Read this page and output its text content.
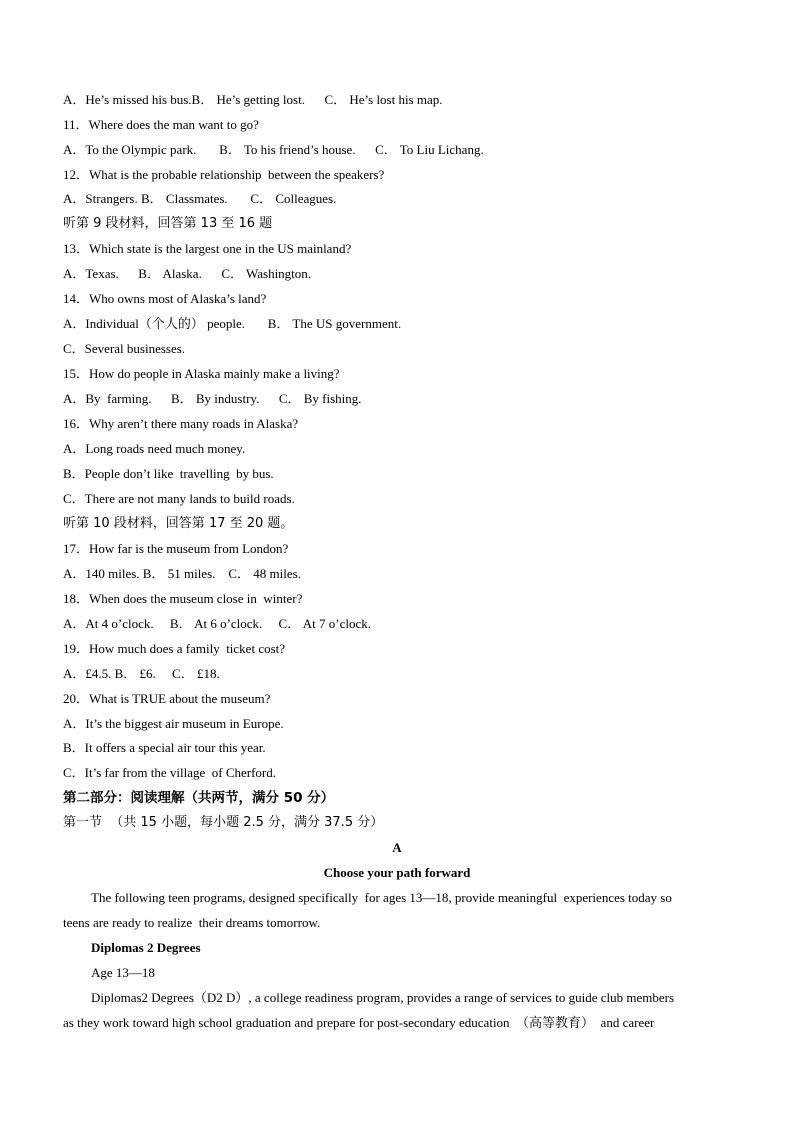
A．He’s missed his bus.B． He’s getting lost.      C． He’s lost his map.
11．Where does the man want to go?
A．To the Olympic park.       B． To his friend’s house.      C． To Liu Lichang.
12．What is the probable relationship  between the speakers?
A．Strangers. B． Classmates.       C． Colleagues.
听第 9 段材料，回答第 13 至 16 题
13．Which state is the largest one in the US mainland?
A．Texas.      B． Alaska.      C． Washington.
14．Who owns most of Alaska’s land?
A．Individual（个人的） people.       B． The US government.
C．Several businesses.
15．How do people in Alaska mainly make a living?
A．By  farming.      B． By industry.      C． By fishing.
16．Why aren’t there many roads in Alaska?
A．Long roads need much money.
B．People don’t like  travelling  by bus.
C．There are not many lands to build roads.
听第 10 段材料，回答第 17 至 20 题。
17．How far is the museum from London?
A．140 miles. B． 51 miles.    C． 48 miles.
18．When does the museum close in  winter?
A．At 4 o’clock.     B． At 6 o’clock.     C． At 7 o’clock.
19．How much does a family  ticket cost?
A．£4.5. B． £6.     C． £18.
20．What is TRUE about the museum?
A．It’s the biggest air museum in Europe.
B．It offers a special air tour this year.
C．It’s far from the village  of Cherford.
第二部分：阅读理解（共两节，满分 50 分）
第一节  （共 15 小题，每小题 2.5 分，满分 37.5 分）
A
Choose your path forward
The following teen programs, designed specifically  for ages 13—18, provide meaningful  experiences today so
teens are ready to realize  their dreams tomorrow.
Diplomas 2 Degrees
Age 13—18
Diplomas2 Degrees（D2 D）, a college readiness program, provides a range of services to guide club members
as they work toward high school graduation and prepare for post-secondary education  （高等教育）  and career
